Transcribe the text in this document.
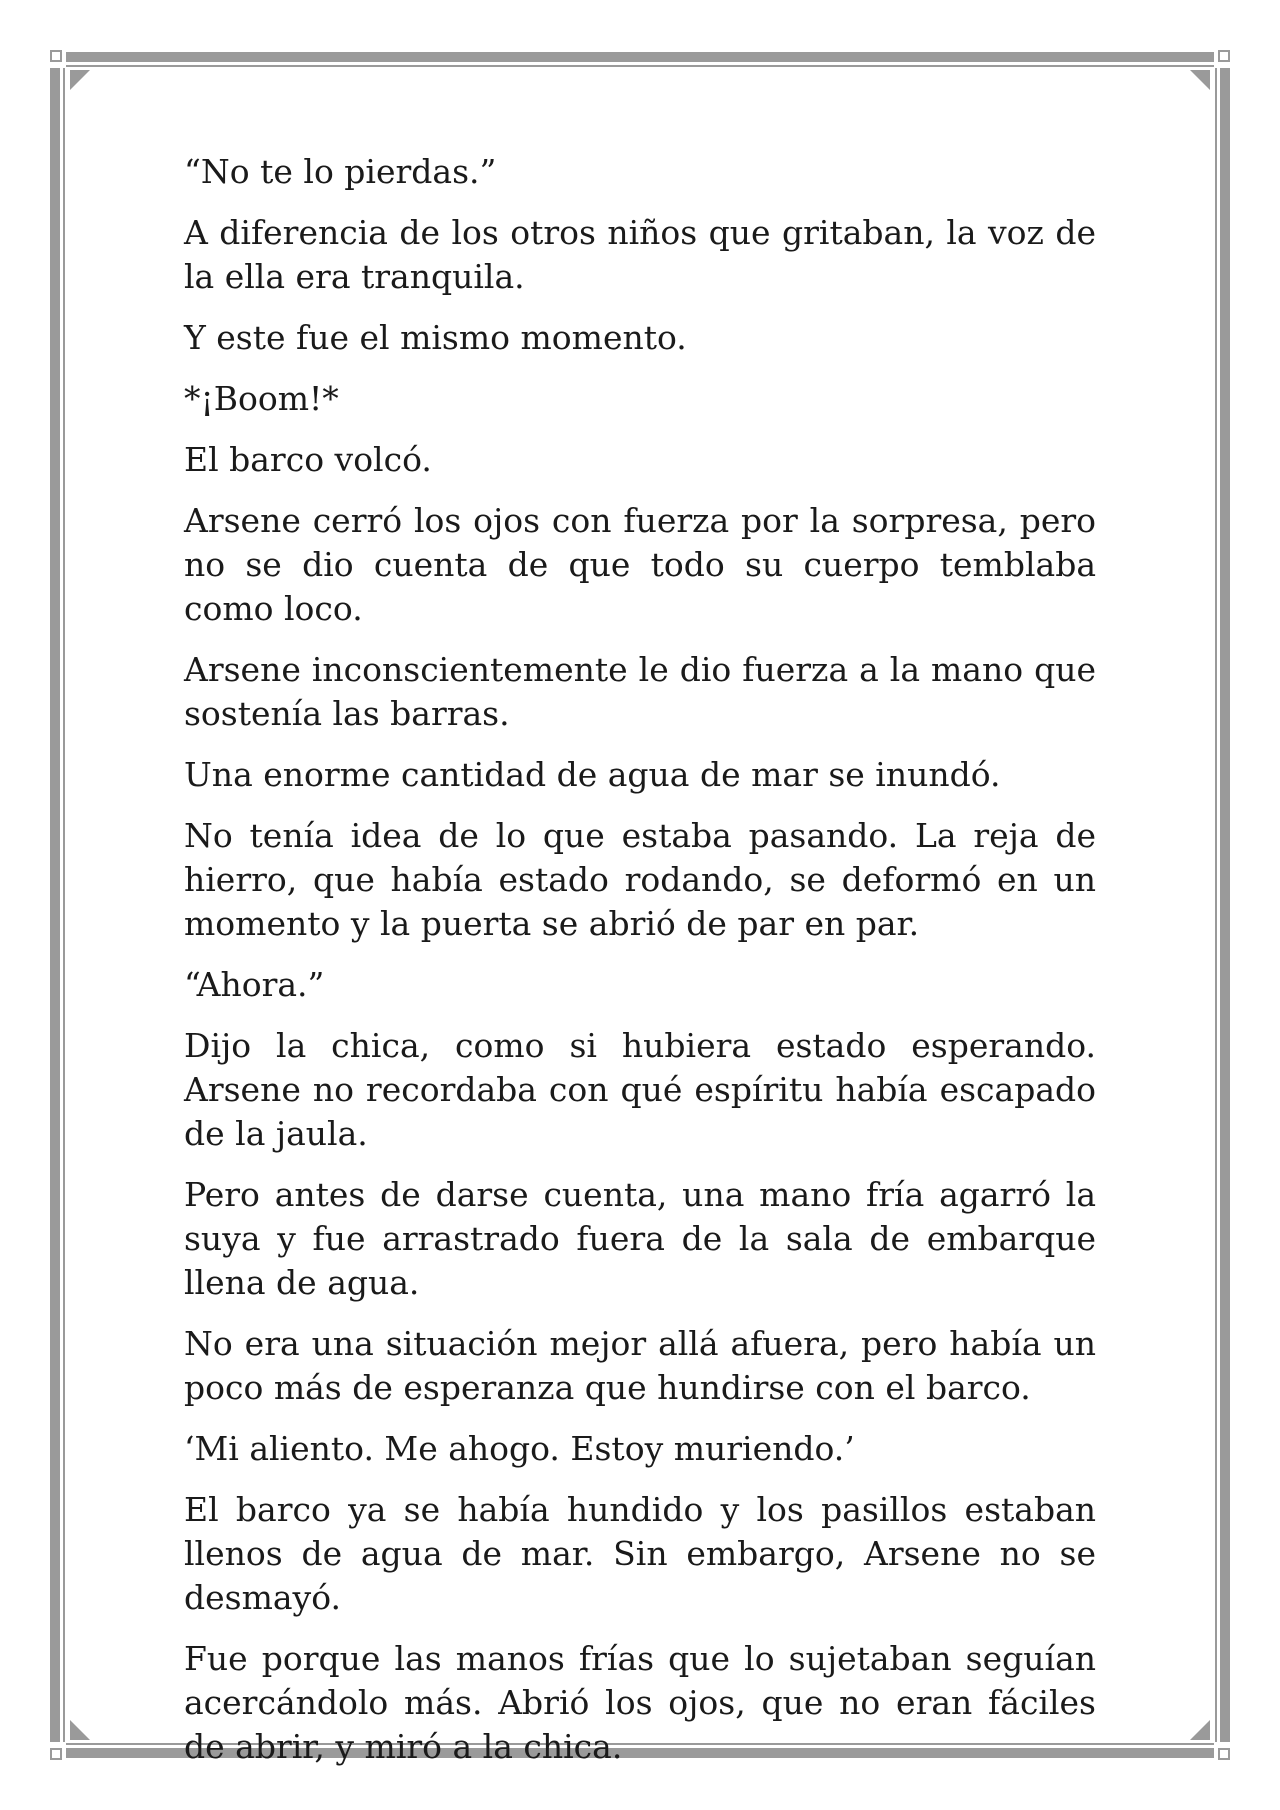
“No te lo pierdas.”

A diferencia de los otros niños que gritaban, la voz de la ella era tranquila.

Y este fue el mismo momento.

*¡Boom!*

El barco volcó.

Arsene cerró los ojos con fuerza por la sorpresa, pero no se dio cuenta de que todo su cuerpo temblaba como loco.

Arsene inconscientemente le dio fuerza a la mano que sostenía las barras.

Una enorme cantidad de agua de mar se inundó.

No tenía idea de lo que estaba pasando. La reja de hierro, que había estado rodando, se deformó en un momento y la puerta se abrió de par en par.

“Ahora.”

Dijo la chica, como si hubiera estado esperando. Arsene no recordaba con qué espíritu había escapado de la jaula.

Pero antes de darse cuenta, una mano fría agarró la suya y fue arrastrado fuera de la sala de embarque llena de agua.

No era una situación mejor allá afuera, pero había un poco más de esperanza que hundirse con el barco.

‘Mi aliento. Me ahogo. Estoy muriendo.’

El barco ya se había hundido y los pasillos estaban llenos de agua de mar. Sin embargo, Arsene no se desmayó.

Fue porque las manos frías que lo sujetaban seguían acercándolo más. Abrió los ojos, que no eran fáciles de abrir, y miró a la chica.
